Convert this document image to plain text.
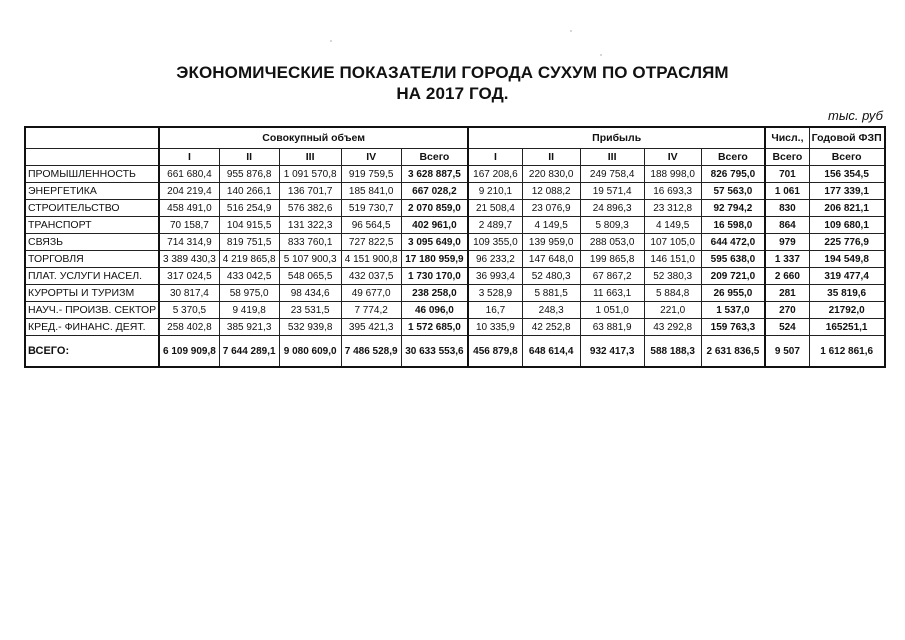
ЭКОНОМИЧЕСКИЕ ПОКАЗАТЕЛИ ГОРОДА СУХУМ ПО ОТРАСЛЯМ
НА 2017 ГОД.
тыс. руб
	Совокупный объем					Прибыль					Числ.,	Годовой ФЗП
	I	II	III	IV	Всего	I	II	III	IV	Всего	Всего	Всего
ПРОМЫШЛЕННОСТЬ	661 680,4	955 876,8	1 091 570,8	919 759,5	3 628 887,5	167 208,6	220 830,0	249 758,4	188 998,0	826 795,0	701	156 354,5
ЭНЕРГЕТИКА	204 219,4	140 266,1	136 701,7	185 841,0	667 028,2	9 210,1	12 088,2	19 571,4	16 693,3	57 563,0	1 061	177 339,1
СТРОИТЕЛЬСТВО	458 491,0	516 254,9	576 382,6	519 730,7	2 070 859,0	21 508,4	23 076,9	24 896,3	23 312,8	92 794,2	830	206 821,1
ТРАНСПОРТ	70 158,7	104 915,5	131 322,3	96 564,5	402 961,0	2 489,7	4 149,5	5 809,3	4 149,5	16 598,0	864	109 680,1
СВЯЗЬ	714 314,9	819 751,5	833 760,1	727 822,5	3 095 649,0	109 355,0	139 959,0	288 053,0	107 105,0	644 472,0	979	225 776,9
ТОРГОВЛЯ	3 389 430,3	4 219 865,8	5 107 900,3	4 151 900,8	17 180 959,9	96 233,2	147 648,0	199 865,8	146 151,0	595 638,0	1 337	194 549,8
ПЛАТ. УСЛУГИ НАСЕЛ.	317 024,5	433 042,5	548 065,5	432 037,5	1 730 170,0	36 993,4	52 480,3	67 867,2	52 380,3	209 721,0	2 660	319 477,4
КУРОРТЫ И ТУРИЗМ	30 817,4	58 975,0	98 434,6	49 677,0	238 258,0	3 528,9	5 881,5	11 663,1	5 884,8	26 955,0	281	35 819,6
НАУЧ.- ПРОИЗВ. СЕКТОР	5 370,5	9 419,8	23 531,5	7 774,2	46 096,0	16,7	248,3	1 051,0	221,0	1 537,0	270	21792,0
КРЕД.- ФИНАНС. ДЕЯТ.	258 402,8	385 921,3	532 939,8	395 421,3	1 572 685,0	10 335,9	42 252,8	63 881,9	43 292,8	159 763,3	524	165251,1
ВСЕГО:	6 109 909,8	7 644 289,1	9 080 609,0	7 486 528,9	30 633 553,6	456 879,8	648 614,4	932 417,3	588 188,3	2 631 836,5	9 507	1 612 861,6
